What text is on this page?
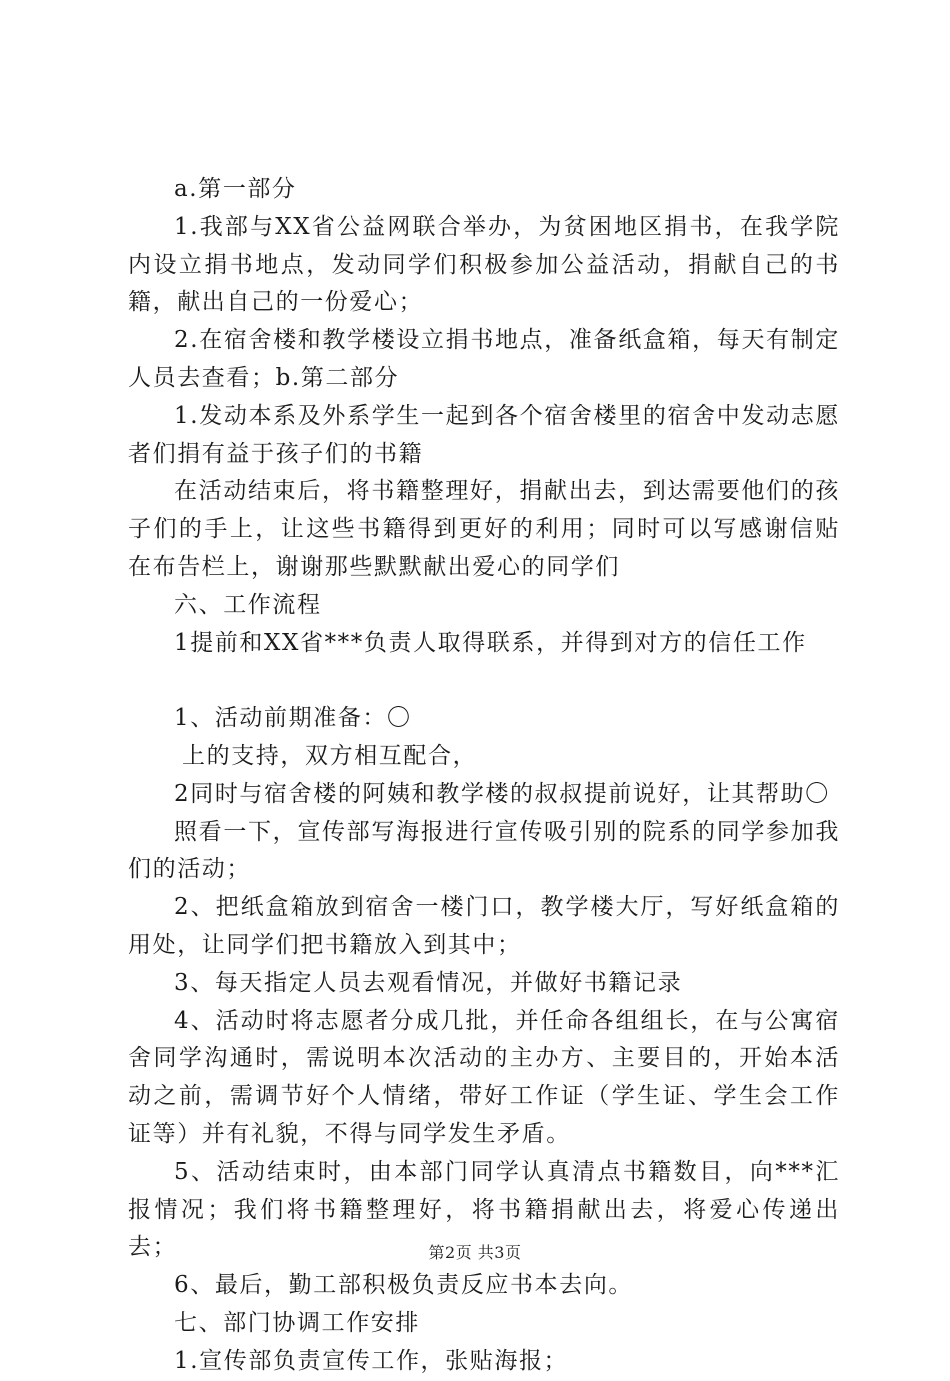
a.第一部分

1.我部与XX省公益网联合举办，为贫困地区捐书，在我学院内设立捐书地点，发动同学们积极参加公益活动，捐献自己的书籍，献出自己的一份爱心；

2.在宿舍楼和教学楼设立捐书地点，准备纸盒箱，每天有制定人员去查看；b.第二部分

1.发动本系及外系学生一起到各个宿舍楼里的宿舍中发动志愿者们捐有益于孩子们的书籍

在活动结束后，将书籍整理好，捐献出去，到达需要他们的孩子们的手上，让这些书籍得到更好的利用；同时可以写感谢信贴在布告栏上，谢谢那些默默献出爱心的同学们

六、工作流程

1提前和XX省***负责人取得联系，并得到对方的信任工作

1、活动前期准备：〇

上的支持，双方相互配合，

2同时与宿舍楼的阿姨和教学楼的叔叔提前说好，让其帮助〇

照看一下，宣传部写海报进行宣传吸引别的院系的同学参加我们的活动；

2、把纸盒箱放到宿舍一楼门口，教学楼大厅，写好纸盒箱的用处，让同学们把书籍放入到其中；

3、每天指定人员去观看情况，并做好书籍记录

4、活动时将志愿者分成几批，并任命各组组长，在与公寓宿舍同学沟通时，需说明本次活动的主办方、主要目的，开始本活动之前，需调节好个人情绪，带好工作证（学生证、学生会工作证等）并有礼貌，不得与同学发生矛盾。

5、活动结束时，由本部门同学认真清点书籍数目，向***汇报情况；我们将书籍整理好，将书籍捐献出去，将爱心传递出去；

6、最后，勤工部积极负责反应书本去向。

七、部门协调工作安排

1.宣传部负责宣传工作，张贴海报；

第2页 共3页
